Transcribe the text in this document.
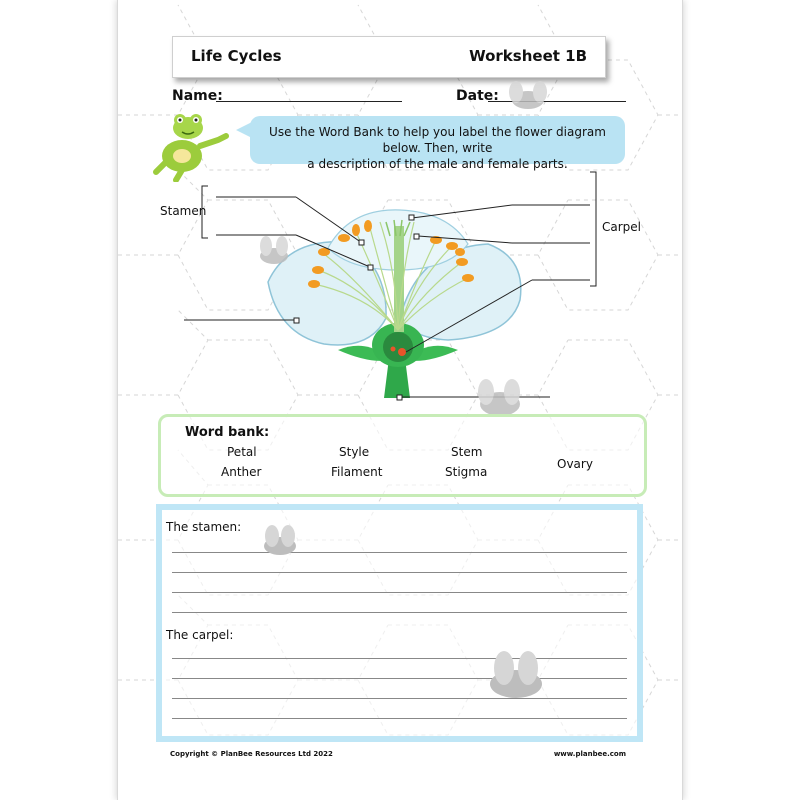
Life Cycles	Worksheet 1B
Name:	Date:
Use the Word Bank to help you label the flower diagram below. Then, write
a description of the male and female parts.
Stamen
Carpel
Word bank:
Petal
Anther
Style
Filament
Stem
Stigma
Ovary
The stamen:
The carpel:
Copyright © PlanBee Resources Ltd 2022	www.planbee.com
